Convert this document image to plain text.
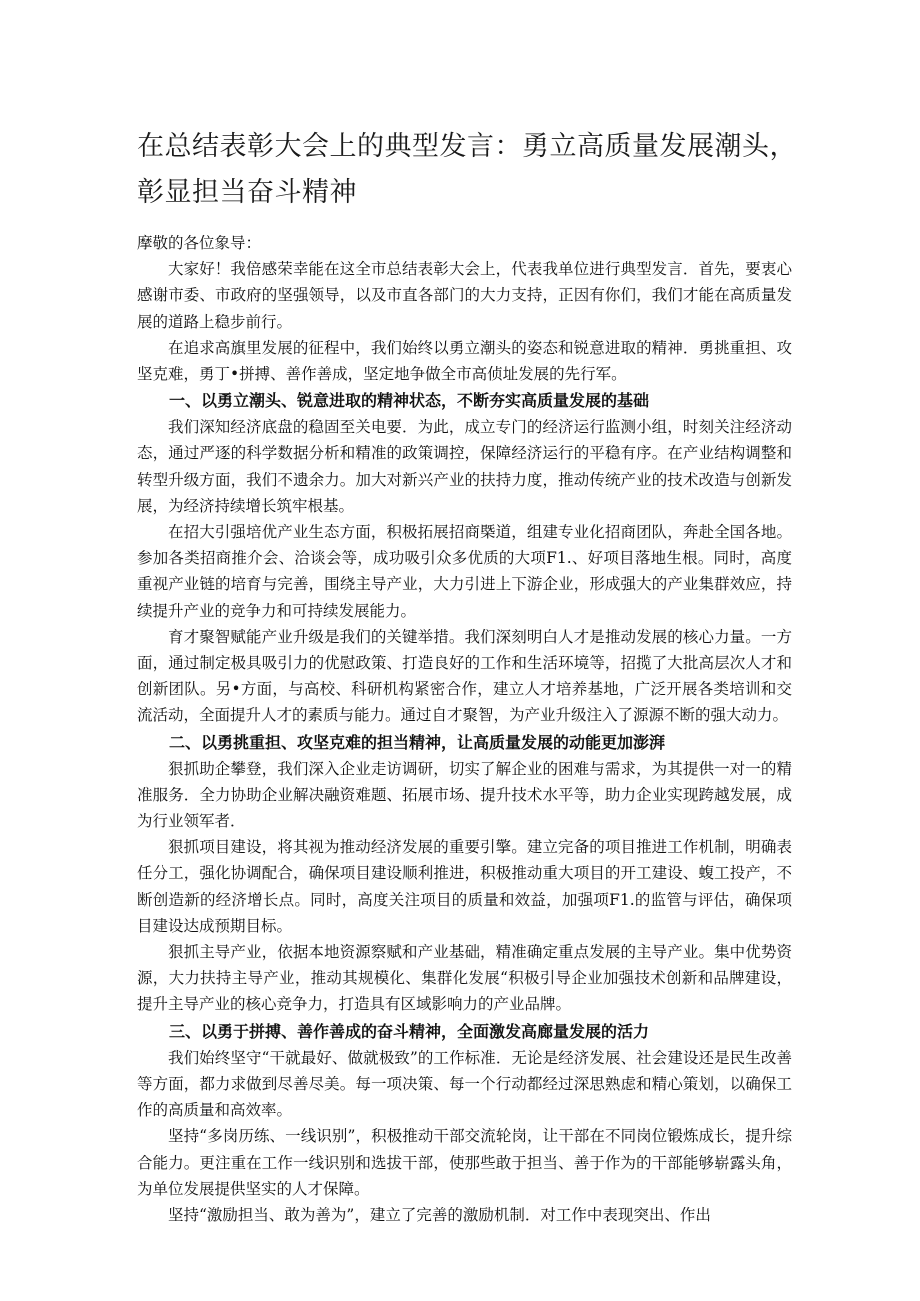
在总结表彰大会上的典型发言：勇立高质量发展潮头，彰显担当奋斗精神

摩敬的各位象导：

大家好！我倍感荣幸能在这全市总结表彰大会上，代表我单位进行典型发言．首先，要衷心感谢市委、市政府的坚强领导，以及市直各部门的大力支持，正因有你们，我们才能在高质量发展的道路上稳步前行。

在追求高旗里发展的征程中，我们始终以勇立潮头的姿态和锐意进取的精神．勇挑重担、攻坚克难，勇丁•拼搏、善作善成，坚定地争做全市高侦址发展的先行军。

一、以勇立潮头、锐意进取的精神状态，不断夯实高质量发展的基础

我们深知经济底盘的稳固至关电要．为此，成立专门的经济运行监测小组，时刻关注经济动态，通过严逐的科学数据分析和精准的政策调控，保障经济运行的平稳有序。在产业结构调整和转型升级方面，我们不遗余力。加大对新兴产业的扶持力度，推动传统产业的技术改造与创新发展，为经济持续增长筑牢根基。

在招大引强培优产业生态方面，积极拓展招商槩道，组建专业化招商团队，奔赴全国各地。参加各类招商推介会、洽谈会等，成功吸引众多优质的大项F1.、好项目落地生根。同时，高度重视产业链的培育与完善，围绕主导产业，大力引进上下游企业，形成强大的产业集群效应，持续提升产业的竞争力和可持续发展能力。

育才聚智赋能产业升级是我们的关键举措。我们深刻明白人才是推动发展的核心力量。一方面，通过制定极具吸引力的优慰政策、打造良好的工作和生活环境等，招揽了大批高层次人才和创新团队。另•方面，与高校、科研机构紧密合作，建立人才培养基地，广泛开展各类培训和交流活动，全面提升人才的素质与能力。通过自才聚智，为产业升级注入了源源不断的强大动力。

二、以勇挑重担、攻坚克难的担当精神，让高质量发展的动能更加澎湃

狠抓助企攀登，我们深入企业走访调研，切实了解企业的困难与需求，为其提供一对一的精准服务．全力协助企业解决融资难题、拓展市场、提升技术水平等，助力企业实现跨越发展，成为行业领军者．

狠抓项目建设，将其视为推动经济发展的重要引擎。建立完备的项目推进工作机制，明确表任分工，强化协调配合，确保项目建设顺利推进，积极推动重大项目的开工建设、蝮工投产，不断创造新的经济增长点。同时，高度关注项目的质量和效益，加强项F1.的监管与评估，确保项目建设达成预期目标。

狠抓主导产业，依据本地资源察赋和产业基础，精准确定重点发展的主导产业。集中优势资源，大力扶持主导产业，推动其规模化、集群化发展“积极引导企业加强技术创新和品牌建设，提升主导产业的核心竞争力，打造具有区域影响力的产业品牌。

三、以勇于拼搏、善作善成的奋斗精神，全面激发高廊量发展的活力

我们始终坚守“干就最好、做就极致”的工作标准．无论是经济发展、社会建设还是民生改善等方面，都力求做到尽善尽美。每一项决策、每一个行动都经过深思熟虑和精心策划，以确保工作的高质量和高效率。

坚持“多岗历练、一线识别”，积极推动干部交流轮岗，让干部在不同岗位锻炼成长，提升综合能力。更注重在工作一线识别和选拔干部，使那些敢于担当、善于作为的干部能够崭露头角，为单位发展提供坚实的人才保障。

坚持“激励担当、敢为善为”，建立了完善的激励机制．对工作中表现突出、作出
